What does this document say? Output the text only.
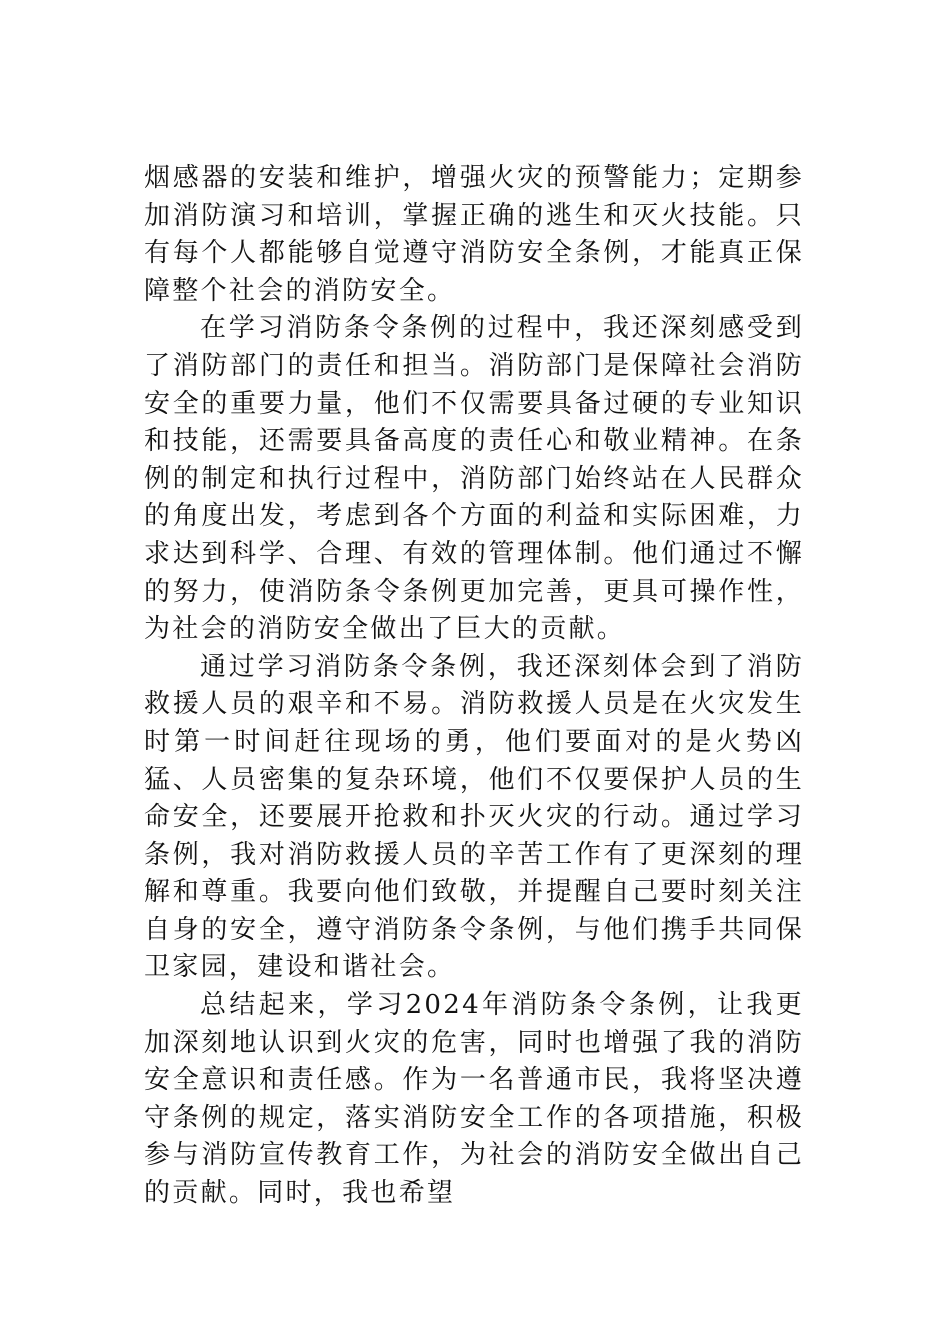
烟感器的安装和维护，增强火灾的预警能力；定期参加消防演习和培训，掌握正确的逃生和灭火技能。只有每个人都能够自觉遵守消防安全条例，才能真正保障整个社会的消防安全。

在学习消防条令条例的过程中，我还深刻感受到了消防部门的责任和担当。消防部门是保障社会消防安全的重要力量，他们不仅需要具备过硬的专业知识和技能，还需要具备高度的责任心和敬业精神。在条例的制定和执行过程中，消防部门始终站在人民群众的角度出发，考虑到各个方面的利益和实际困难，力求达到科学、合理、有效的管理体制。他们通过不懈的努力，使消防条令条例更加完善，更具可操作性，为社会的消防安全做出了巨大的贡献。

通过学习消防条令条例，我还深刻体会到了消防救援人员的艰辛和不易。消防救援人员是在火灾发生时第一时间赶往现场的勇，他们要面对的是火势凶猛、人员密集的复杂环境，他们不仅要保护人员的生命安全，还要展开抢救和扑灭火灾的行动。通过学习条例，我对消防救援人员的辛苦工作有了更深刻的理解和尊重。我要向他们致敬，并提醒自己要时刻关注自身的安全，遵守消防条令条例，与他们携手共同保卫家园，建设和谐社会。

总结起来，学习2024年消防条令条例，让我更加深刻地认识到火灾的危害，同时也增强了我的消防安全意识和责任感。作为一名普通市民，我将坚决遵守条例的规定，落实消防安全工作的各项措施，积极参与消防宣传教育工作，为社会的消防安全做出自己的贡献。同时，我也希望
